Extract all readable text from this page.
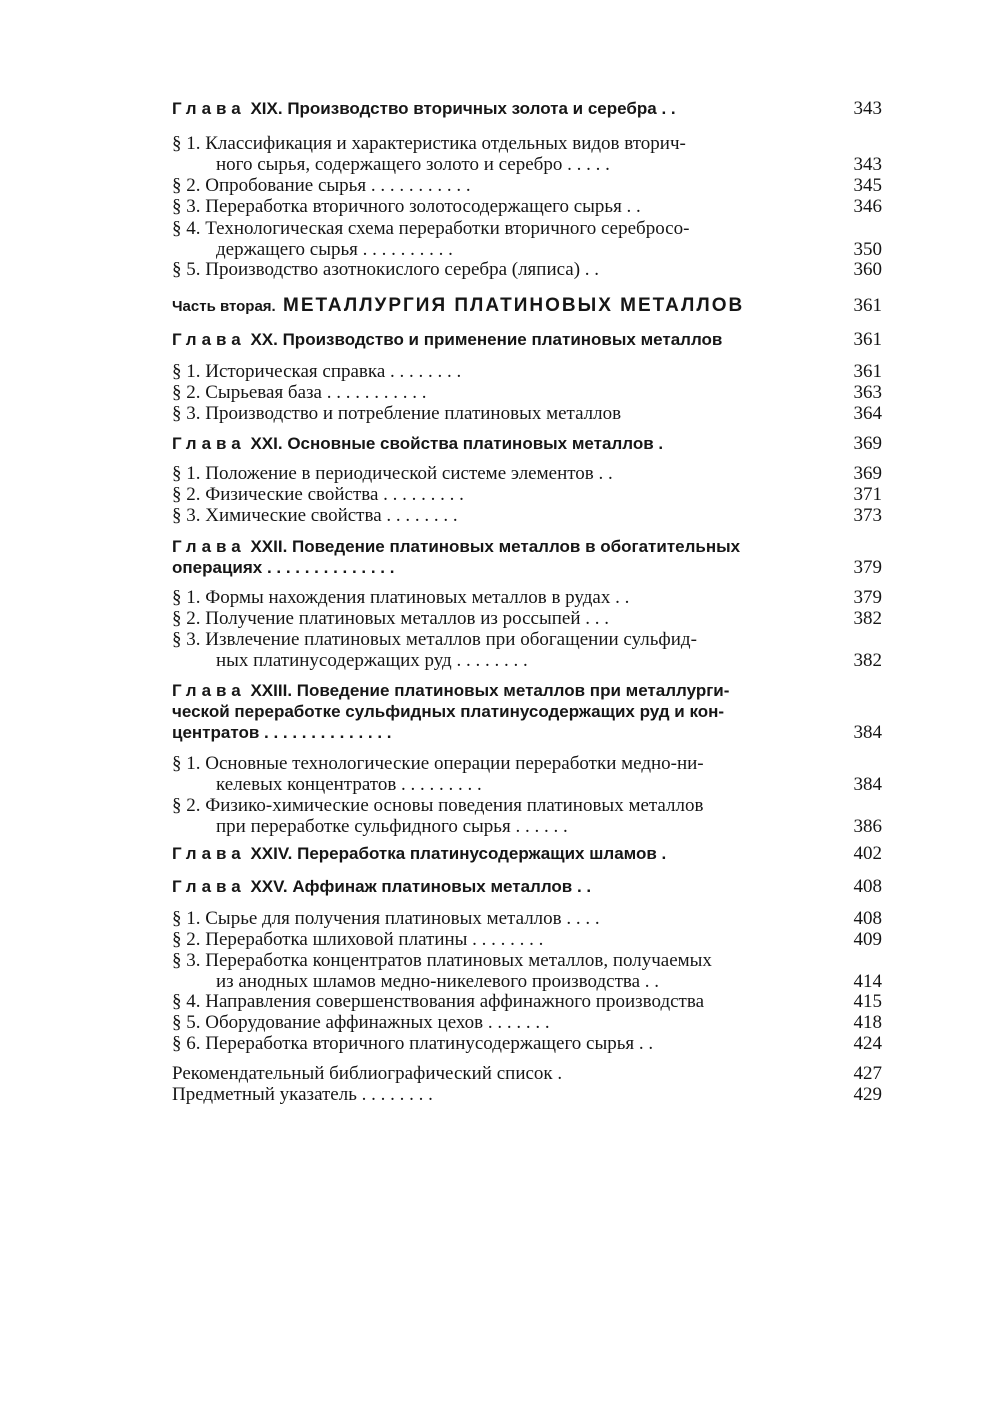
Глава XIX. Производство вторичных золота и серебра . .	343
§ 1. Классификация и характеристика отдельных видов вторич-
ного сырья, содержащего золото и серебро . . . . .	343
§ 2. Опробование сырья . . . . . . . . . . .	345
§ 3. Переработка вторичного золотосодержащего сырья . .	346
§ 4. Технологическая схема переработки вторичного серебросо-
держащего сырья . . . . . . . . . .	350
§ 5. Производство азотнокислого серебра (ляписа) . .	360
Часть вторая. МЕТАЛЛУРГИЯ ПЛАТИНОВЫХ МЕТАЛЛОВ	361
Глава XX. Производство и применение платиновых металлов	361
§ 1. Историческая справка . . . . . . . .	361
§ 2. Сырьевая база . . . . . . . . . . .	363
§ 3. Производство и потребление платиновых металлов	364
Глава XXI. Основные свойства платиновых металлов .	369
§ 1. Положение в периодической системе элементов . .	369
§ 2. Физические свойства . . . . . . . . .	371
§ 3. Химические свойства . . . . . . . .	373
Глава XXII. Поведение платиновых металлов в обогатительных
операциях . . . . . . . . . . . . . .	379
§ 1. Формы нахождения платиновых металлов в рудах . .	379
§ 2. Получение платиновых металлов из россыпей . . .	382
§ 3. Извлечение платиновых металлов при обогащении сульфид-
ных платинусодержащих руд . . . . . . . .	382
Глава XXIII. Поведение платиновых металлов при металлурги-
ческой переработке сульфидных платинусодержащих руд и кон-
центратов . . . . . . . . . . . . . .	384
§ 1. Основные технологические операции переработки медно-ни-
келевых концентратов . . . . . . . . .	384
§ 2. Физико-химические основы поведения платиновых металлов
при переработке сульфидного сырья . . . . . .	386
Глава XXIV. Переработка платинусодержащих шламов .	402
Глава XXV. Аффинаж платиновых металлов . .	408
§ 1. Сырье для получения платиновых металлов . . . .	408
§ 2. Переработка шлиховой платины . . . . . . . .	409
§ 3. Переработка концентратов платиновых металлов, получаемых
из анодных шламов медно-никелевого производства . .	414
§ 4. Направления совершенствования аффинажного производства	415
§ 5. Оборудование аффинажных цехов . . . . . . .	418
§ 6. Переработка вторичного платинусодержащего сырья . .	424
Рекомендательный библиографический список .	427
Предметный указатель . . . . . . . .	429
